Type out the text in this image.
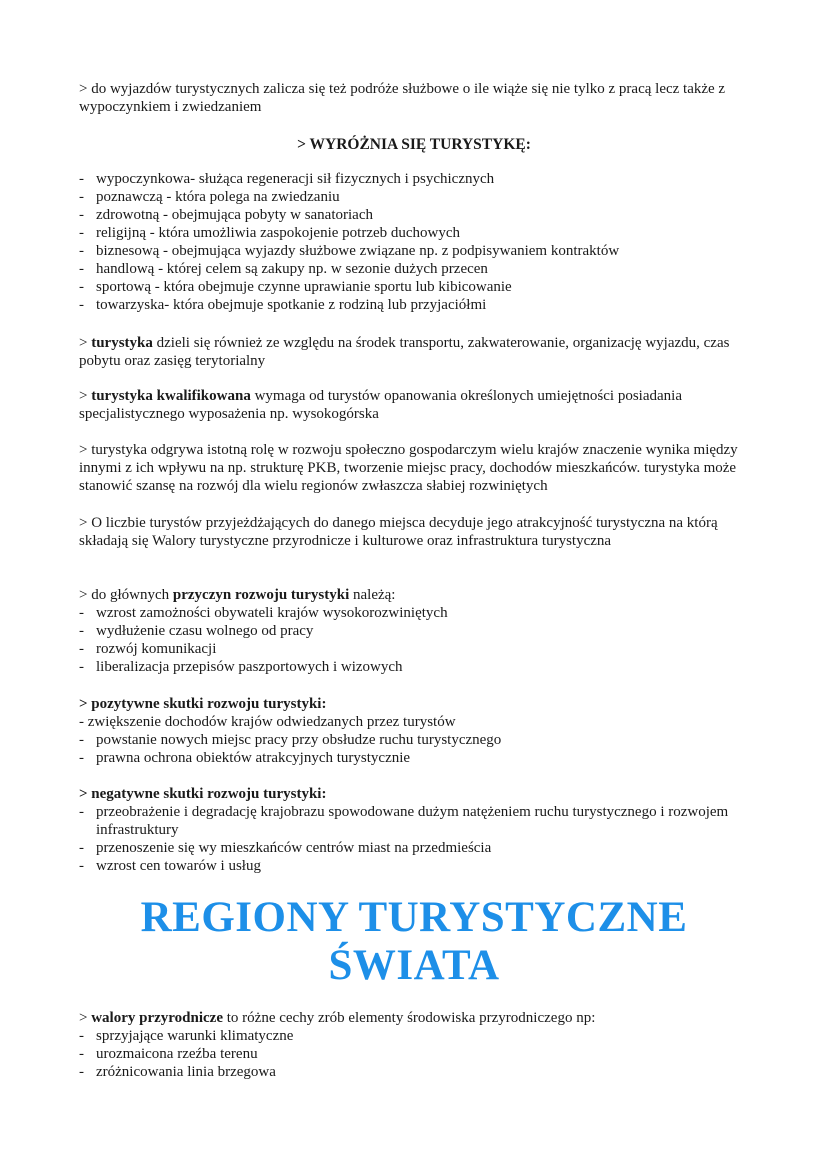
> do wyjazdów turystycznych zalicza się też podróże służbowe o ile wiąże się nie tylko z pracą lecz także z wypoczynkiem i zwiedzaniem

> WYRÓŻNIA SIĘ TURYSTYKĘ:
- wypoczynkowa- służąca regeneracji sił fizycznych i psychicznych
- poznawczą - która polega na zwiedzaniu
- zdrowotną - obejmująca pobyty w sanatoriach
- religijną - która umożliwia zaspokojenie potrzeb duchowych
- biznesową - obejmująca wyjazdy służbowe związane np. z podpisywaniem kontraktów
- handlową - której celem są zakupy np. w sezonie dużych przecen
- sportową - która obejmuje czynne uprawianie sportu lub kibicowanie
- towarzyska- która obejmuje spotkanie z rodziną lub przyjaciółmi

> turystyka dzieli się również ze względu na środek transportu, zakwaterowanie, organizację wyjazdu, czas pobytu oraz zasięg terytorialny

> turystyka kwalifikowana wymaga od turystów opanowania określonych umiejętności posiadania specjalistycznego wyposażenia np. wysokogórska

> turystyka odgrywa istotną rolę w rozwoju społeczno gospodarczym wielu krajów znaczenie wynika między innymi z ich wpływu na np. strukturę PKB, tworzenie miejsc pracy, dochodów mieszkańców. turystyka może stanowić szansę na rozwój dla wielu regionów zwłaszcza słabiej rozwiniętych

> O liczbie turystów przyjeżdżających do danego miejsca decyduje jego atrakcyjność turystyczna na którą składają się Walory turystyczne przyrodnicze i kulturowe oraz infrastruktura turystyczna

> do głównych przyczyn rozwoju turystyki należą:

- wzrost zamożności obywateli krajów wysokorozwiniętych
- wydłużenie czasu wolnego od pracy
- rozwój komunikacji
- liberalizacja przepisów paszportowych i wizowych

> pozytywne skutki rozwoju turystyki:

- zwiększenie dochodów krajów odwiedzanych przez turystów

- powstanie nowych miejsc pracy przy obsłudze ruchu turystycznego
- prawna ochrona obiektów atrakcyjnych turystycznie

> negatywne skutki rozwoju turystyki:

- przeobrażenie i degradację krajobrazu spowodowane dużym natężeniem ruchu turystycznego i rozwojem infrastruktury
- przenoszenie się wy mieszkańców centrów miast na przedmieścia
- wzrost cen towarów i usług
REGIONY TURYSTYCZNE
ŚWIATA

> walory przyrodnicze to różne cechy zrób elementy środowiska przyrodniczego np:

- sprzyjające warunki klimatyczne
- urozmaicona rzeźba terenu
- zróżnicowania linia brzegowa
